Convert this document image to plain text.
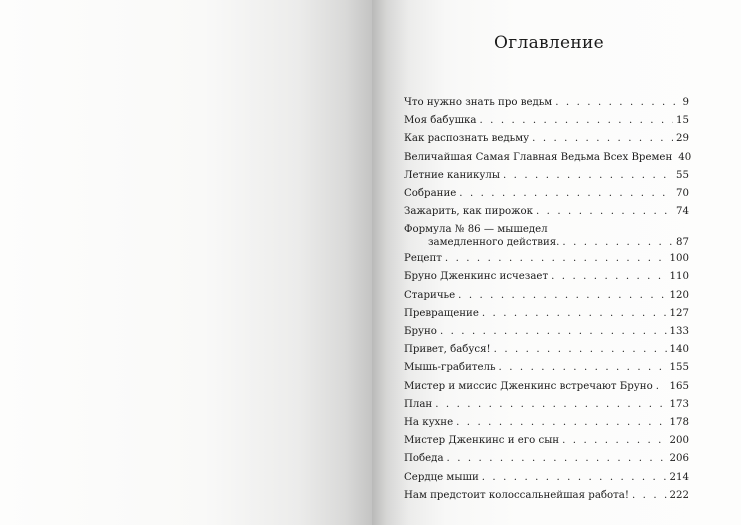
Оглавление
Что нужно знать про ведьм . . .	9
Моя бабушка . . .	15
Как распознать ведьму . . .	29
Величайшая Самая Главная Ведьма Всех Времен 40
Летние каникулы . . .	55
Собрание . . .	70
Зажарить, как пирожок . . .	74
Формула № 86 — мышедел
замедленного действия. . . .	87
Рецепт . . .	100
Бруно Дженкинс исчезает . . .	110
Старичье . . .	120
Превращение . . .	127
Бруно . . .	133
Привет, бабуся! . . .	140
Мышь-грабитель . . .	155
Мистер и миссис Дженкинс встречают Бруно . . . 165
План . . .	173
На кухне . . .	178
Мистер Дженкинс и его сын . . .	200
Победа . . .	206
Сердце мыши . . .	214
Нам предстоит колоссальнейшая работа! . . .	222
